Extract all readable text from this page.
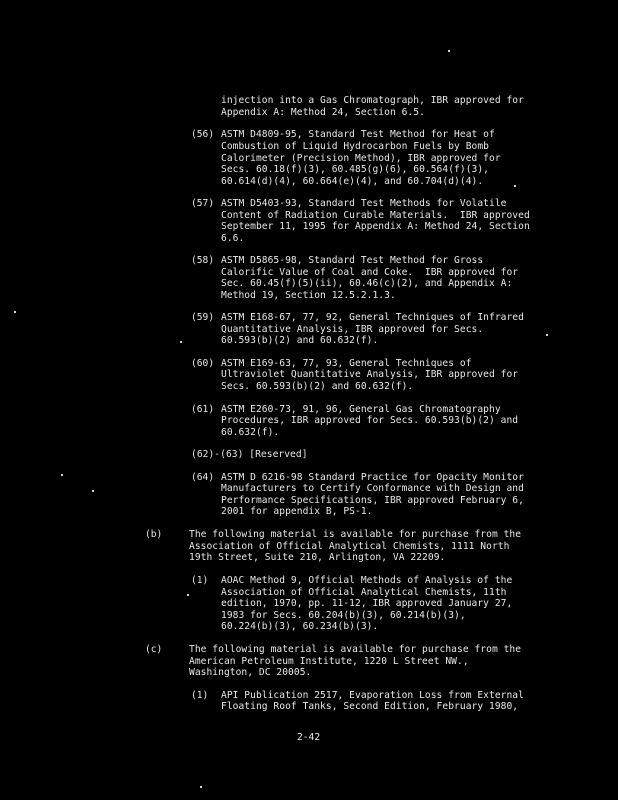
injection into a Gas Chromatograph, IBR approved for
Appendix A: Method 24, Section 6.5.
(56) ASTM D4809-95, Standard Test Method for Heat of
Combustion of Liquid Hydrocarbon Fuels by Bomb
Calorimeter (Precision Method), IBR approved for
Secs. 60.18(f)(3), 60.485(g)(6), 60.564(f)(3),
60.614(d)(4), 60.664(e)(4), and 60.704(d)(4).
(57) ASTM D5403-93, Standard Test Methods for Volatile
Content of Radiation Curable Materials.  IBR approved
September 11, 1995 for Appendix A: Method 24, Section
6.6.
(58) ASTM D5865-98, Standard Test Method for Gross
Calorific Value of Coal and Coke.  IBR approved for
Sec. 60.45(f)(5)(ii), 60.46(c)(2), and Appendix A:
Method 19, Section 12.5.2.1.3.
(59) ASTM E168-67, 77, 92, General Techniques of Infrared
Quantitative Analysis, IBR approved for Secs.
60.593(b)(2) and 60.632(f).
(60) ASTM E169-63, 77, 93, General Techniques of
Ultraviolet Quantitative Analysis, IBR approved for
Secs. 60.593(b)(2) and 60.632(f).
(61) ASTM E260-73, 91, 96, General Gas Chromatography
Procedures, IBR approved for Secs. 60.593(b)(2) and
60.632(f).
(62)-(63) [Reserved]
(64) ASTM D 6216-98 Standard Practice for Opacity Monitor
Manufacturers to Certify Conformance with Design and
Performance Specifications, IBR approved February 6,
2001 for appendix B, PS-1.
(b)	The following material is available for purchase from the
Association of Official Analytical Chemists, 1111 North
19th Street, Suite 210, Arlington, VA 22209.
(1) AOAC Method 9, Official Methods of Analysis of the
Association of Official Analytical Chemists, 11th
edition, 1970, pp. 11-12, IBR approved January 27,
1983 for Secs. 60.204(b)(3), 60.214(b)(3),
60.224(b)(3), 60.234(b)(3).
(c)	The following material is available for purchase from the
American Petroleum Institute, 1220 L Street NW.,
Washington, DC 20005.
(1) API Publication 2517, Evaporation Loss from External
Floating Roof Tanks, Second Edition, February 1980,
2-42
